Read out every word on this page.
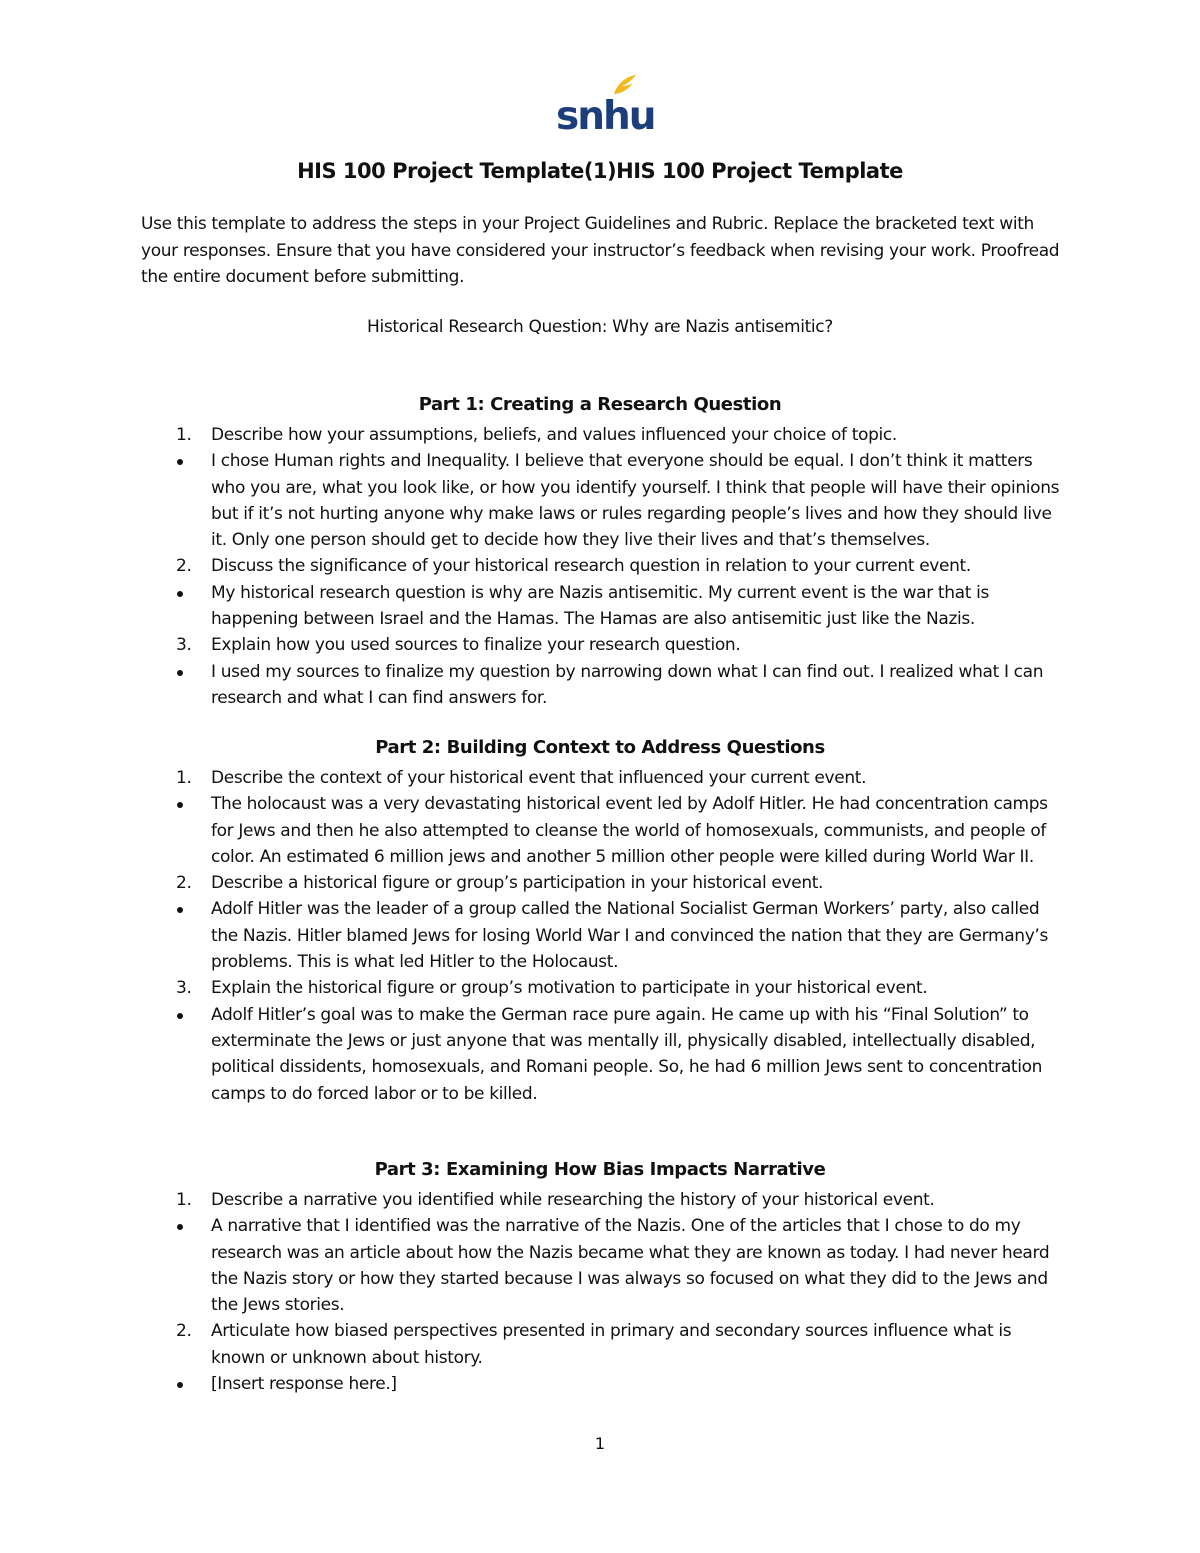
snhu
HIS 100 Project Template(1)HIS 100 Project Template
Use this template to address the steps in your Project Guidelines and Rubric. Replace the bracketed text with your responses. Ensure that you have considered your instructor’s feedback when revising your work. Proofread the entire document before submitting.
Historical Research Question: Why are Nazis antisemitic?
Part 1: Creating a Research Question
1.	Describe how your assumptions, beliefs, and values influenced your choice of topic.
I chose Human rights and Inequality. I believe that everyone should be equal. I don’t think it matters who you are, what you look like, or how you identify yourself. I think that people will have their opinions but if it’s not hurting anyone why make laws or rules regarding people’s lives and how they should live it. Only one person should get to decide how they live their lives and that’s themselves.
2.	Discuss the significance of your historical research question in relation to your current event.
My historical research question is why are Nazis antisemitic. My current event is the war that is happening between Israel and the Hamas. The Hamas are also antisemitic just like the Nazis.
3.	Explain how you used sources to finalize your research question.
I used my sources to finalize my question by narrowing down what I can find out. I realized what I can research and what I can find answers for.
Part 2: Building Context to Address Questions
1.	Describe the context of your historical event that influenced your current event.
The holocaust was a very devastating historical event led by Adolf Hitler. He had concentration camps for Jews and then he also attempted to cleanse the world of homosexuals, communists, and people of color. An estimated 6 million jews and another 5 million other people were killed during World War II.
2.	Describe a historical figure or group’s participation in your historical event.
Adolf Hitler was the leader of a group called the National Socialist German Workers’ party, also called the Nazis. Hitler blamed Jews for losing World War I and convinced the nation that they are Germany’s problems. This is what led Hitler to the Holocaust.
3.	Explain the historical figure or group’s motivation to participate in your historical event.
Adolf Hitler’s goal was to make the German race pure again. He came up with his “Final Solution” to exterminate the Jews or just anyone that was mentally ill, physically disabled, intellectually disabled, political dissidents, homosexuals, and Romani people. So, he had 6 million Jews sent to concentration camps to do forced labor or to be killed.
Part 3: Examining How Bias Impacts Narrative
1.	Describe a narrative you identified while researching the history of your historical event.
A narrative that I identified was the narrative of the Nazis. One of the articles that I chose to do my research was an article about how the Nazis became what they are known as today. I had never heard the Nazis story or how they started because I was always so focused on what they did to the Jews and the Jews stories.
2.	Articulate how biased perspectives presented in primary and secondary sources influence what is known or unknown about history.
[Insert response here.]
1
